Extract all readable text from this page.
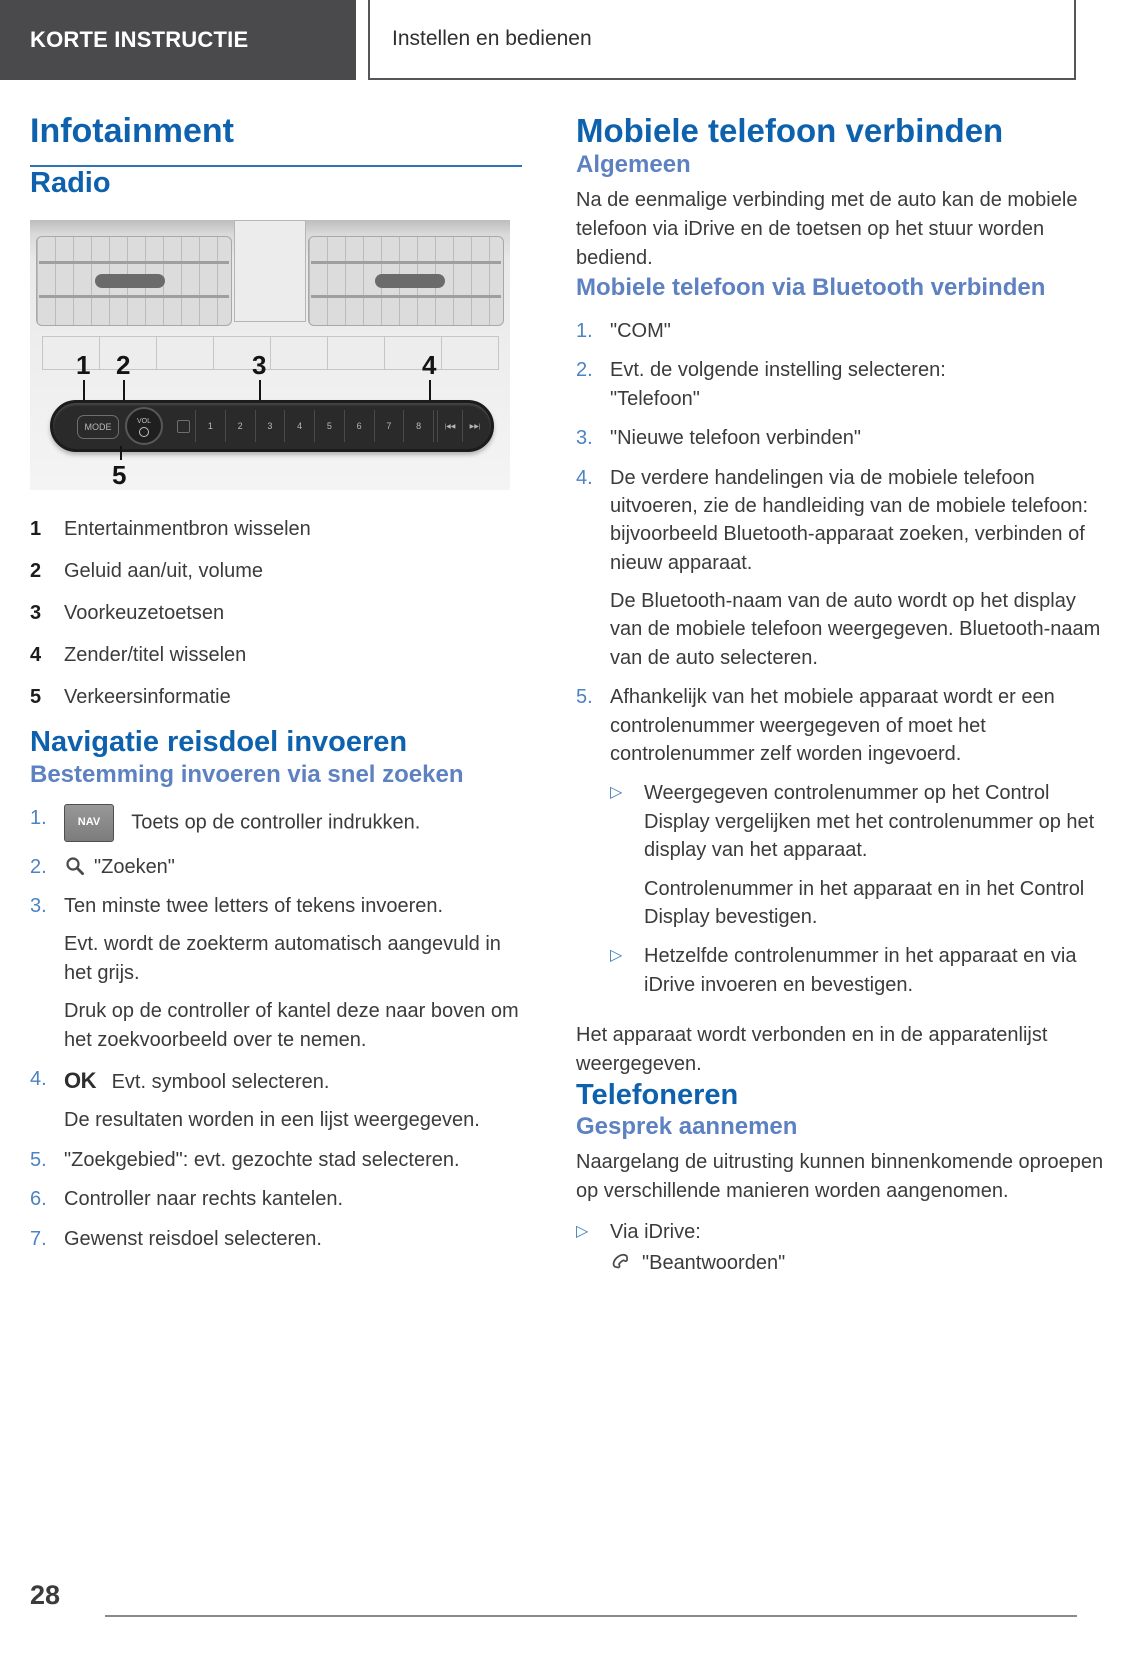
KORTE INSTRUCTIE	Instellen en bedienen
Infotainment
Radio
1 2	3	4
MODE
VOL	1	2	3	4	5	6	7	8	|◀◀	▶▶|
5
1	Entertainmentbron wisselen
2	Geluid aan/uit, volume
3	Voorkeuzetoetsen
4	Zender/titel wisselen
5	Verkeersinformatie
Navigatie reisdoel invoeren
Bestemming invoeren via snel zoeken
1.	NAV Toets op de controller indrukken.
2.	"Zoeken"
3. Ten minste twee letters of tekens invoeren.
Evt. wordt de zoekterm automatisch aangevuld in het grijs.
Druk op de controller of kantel deze naar boven om het zoekvoorbeeld over te nemen.
4. OK Evt. symbool selecteren.
De resultaten worden in een lijst weergegeven.
5. "Zoekgebied": evt. gezochte stad selecteren.
6. Controller naar rechts kantelen.
7. Gewenst reisdoel selecteren.
Mobiele telefoon verbinden
Algemeen

Na de eenmalige verbinding met de auto kan de mobiele telefoon via iDrive en de toetsen op het stuur worden bediend.

Mobiele telefoon via Bluetooth verbinden
1. "COM"
2. Evt. de volgende instelling selecteren:
"Telefoon"
3. "Nieuwe telefoon verbinden"
4. De verdere handelingen via de mobiele telefoon uitvoeren, zie de handleiding van de mobiele telefoon: bijvoorbeeld Bluetooth-apparaat zoeken, verbinden of nieuw apparaat.
De Bluetooth-naam van de auto wordt op het display van de mobiele telefoon weergegeven. Bluetooth-naam van de auto selecteren.
5. Afhankelijk van het mobiele apparaat wordt er een controlenummer weergegeven of moet het controlenummer zelf worden ingevoerd.
▷	Weergegeven controlenummer op het Control Display vergelijken met het controlenummer op het display van het apparaat.
Controlenummer in het apparaat en in het Control Display bevestigen.
▷	Hetzelfde controlenummer in het apparaat en via iDrive invoeren en bevestigen.

Het apparaat wordt verbonden en in de apparatenlijst weergegeven.

Telefoneren
Gesprek aannemen

Naargelang de uitrusting kunnen binnenkomende oproepen op verschillende manieren worden aangenomen.

▷	Via iDrive:
"Beantwoorden"
28
